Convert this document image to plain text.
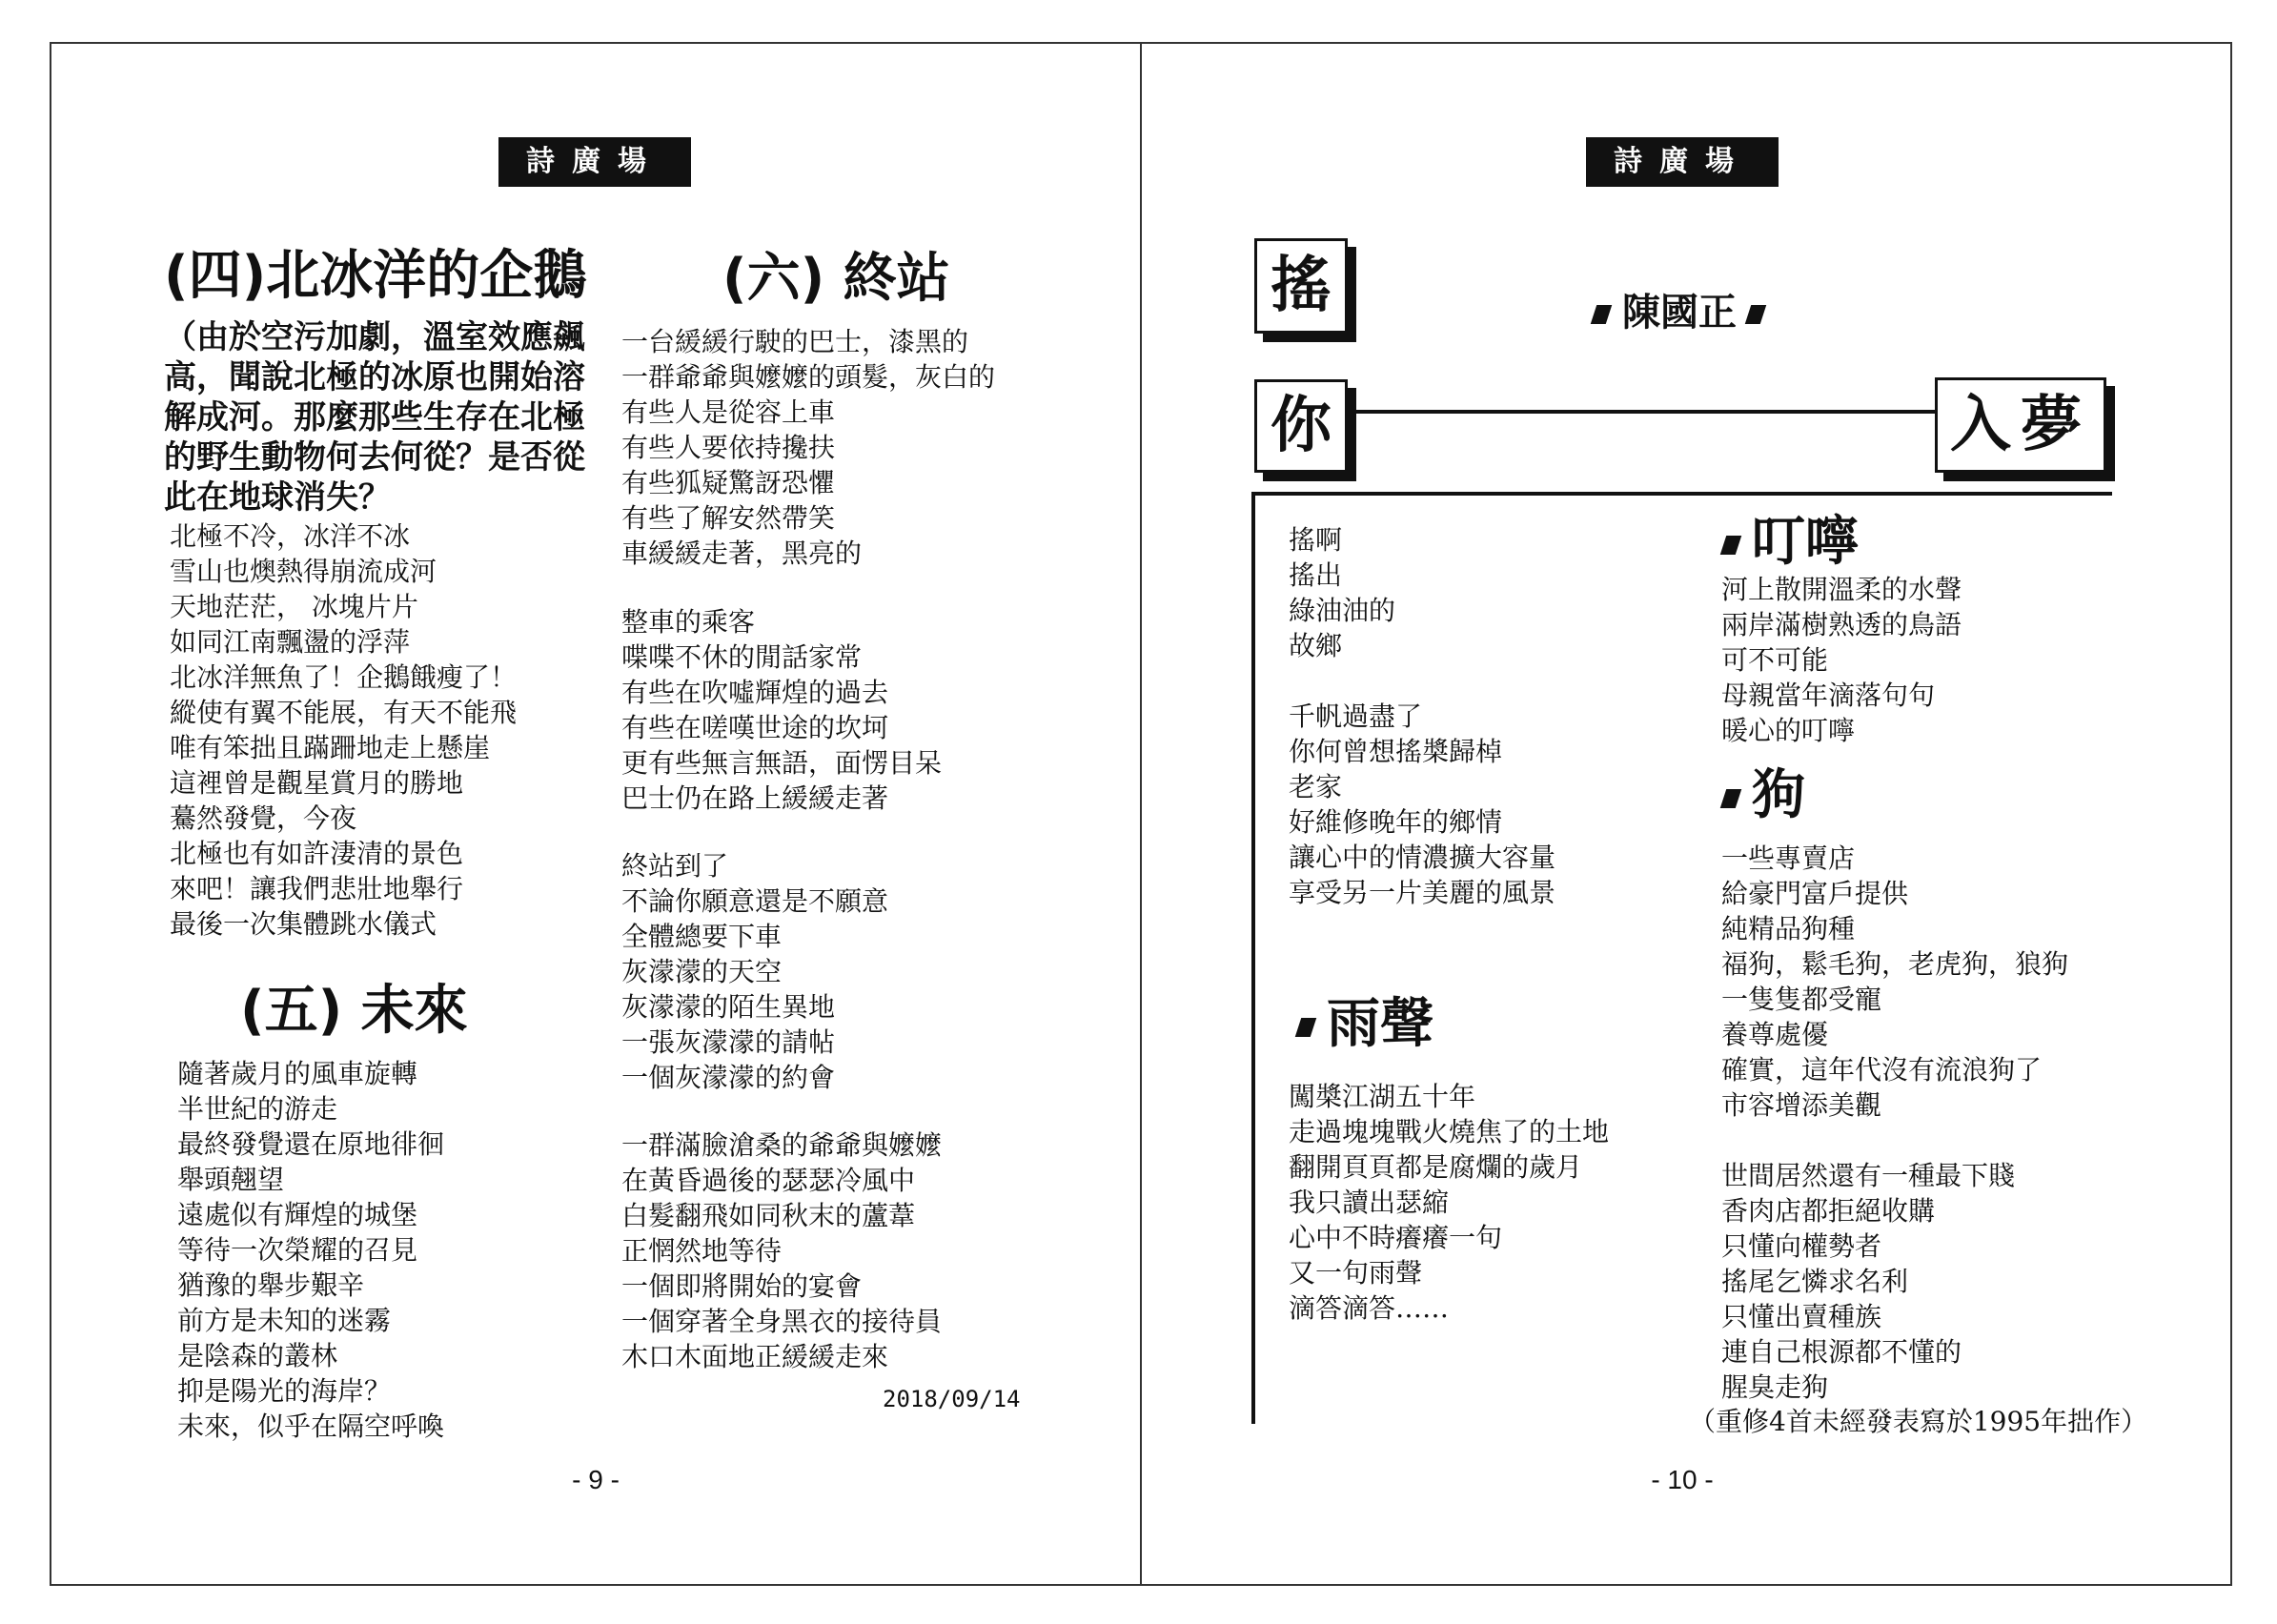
詩廣場
(四)北冰洋的企鵝
（由於空污加劇，溫室效應飆
高，聞說北極的冰原也開始溶
解成河。那麼那些生存在北極
的野生動物何去何從？是否從
此在地球消失？
北極不冷，冰洋不冰
雪山也燠熱得崩流成河
天地茫茫， 冰塊片片
如同江南飄盪的浮萍
北冰洋無魚了！企鵝餓瘦了！
縱使有翼不能展，有天不能飛
唯有笨拙且蹣跚地走上懸崖
這裡曾是觀星賞月的勝地
驀然發覺，今夜
北極也有如許淒清的景色
來吧！讓我們悲壯地舉行
最後一次集體跳水儀式
(五) 未來
隨著歲月的風車旋轉
半世紀的游走
最終發覺還在原地徘徊
舉頭翹望
遠處似有輝煌的城堡
等待一次榮耀的召見
猶豫的舉步艱辛
前方是未知的迷霧
是陰森的叢林
抑是陽光的海岸？
未來，似乎在隔空呼喚
(六) 終站
一台緩緩行駛的巴士，漆黑的
一群爺爺與嬤嬤的頭髮，灰白的
有些人是從容上車
有些人要依持攙扶
有些狐疑驚訝恐懼
有些了解安然帶笑
車緩緩走著，黑亮的
整車的乘客
喋喋不休的閒話家常
有些在吹噓輝煌的過去
有些在嗟嘆世途的坎坷
更有些無言無語，面愣目呆
巴士仍在路上緩緩走著
終站到了
不論你願意還是不願意
全體總要下車
灰濛濛的天空
灰濛濛的陌生異地
一張灰濛濛的請帖
一個灰濛濛的約會
一群滿臉滄桑的爺爺與嬤嬤
在黃昏過後的瑟瑟冷風中
白髮翻飛如同秋末的蘆葦
正惘然地等待
一個即將開始的宴會
一個穿著全身黑衣的接待員
木口木面地正緩緩走來
2018/09/14
- 9 -
詩廣場
搖
你	入夢
陳國正
搖啊
搖出
綠油油的
故鄉
千帆過盡了
你何曾想搖槳歸棹
老家
好維修晚年的鄉情
讓心中的情濃擴大容量
享受另一片美麗的風景
雨聲
闖槳江湖五十年
走過塊塊戰火燒焦了的土地
翻開頁頁都是腐爛的歲月
我只讀出瑟縮
心中不時癢癢一句
又一句雨聲
滴答滴答……
叮嚀
河上散開溫柔的水聲
兩岸滿樹熟透的鳥語
可不可能
母親當年滴落句句
暖心的叮嚀
狗
一些專賣店
給豪門富戶提供
純精品狗種
福狗，鬆毛狗，老虎狗，狼狗
一隻隻都受寵
養尊處優
確實，這年代沒有流浪狗了
市容增添美觀
世間居然還有一種最下賤
香肉店都拒絕收購
只懂向權勢者
搖尾乞憐求名利
只懂出賣種族
連自己根源都不懂的
腥臭走狗
（重修4首未經發表寫於1995年拙作）
- 10 -
